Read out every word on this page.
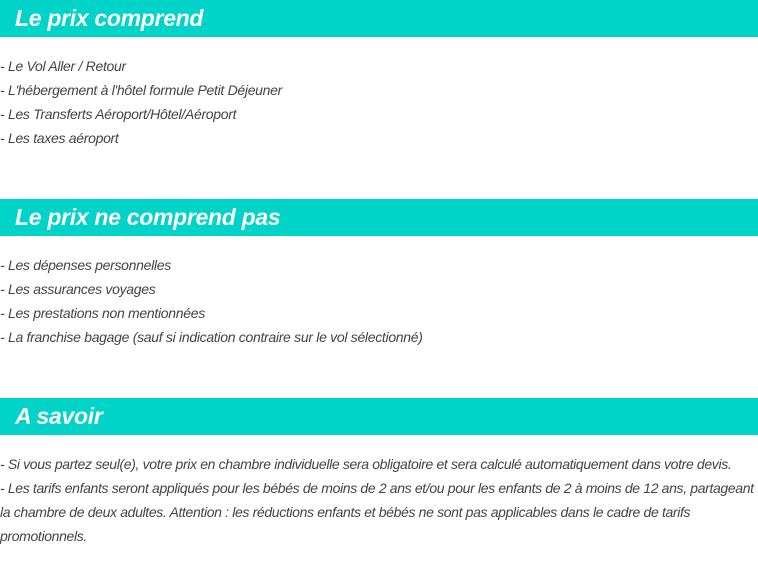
Le prix comprend
- Le Vol Aller / Retour
- L'hébergement à l'hôtel formule Petit Déjeuner
- Les Transferts Aéroport/Hôtel/Aéroport
- Les taxes aéroport
Le prix ne comprend pas
- Les dépenses personnelles
- Les assurances voyages
- Les prestations non mentionnées
- La franchise bagage (sauf si indication contraire sur le vol sélectionné)
A savoir
- Si vous partez seul(e), votre prix en chambre individuelle sera obligatoire et sera calculé automatiquement dans votre devis.
- Les tarifs enfants seront appliqués pour les bébés de moins de 2 ans et/ou pour les enfants de 2 à moins de 12 ans, partageant la chambre de deux adultes. Attention : les réductions enfants et bébés ne sont pas applicables dans le cadre de tarifs promotionnels.
